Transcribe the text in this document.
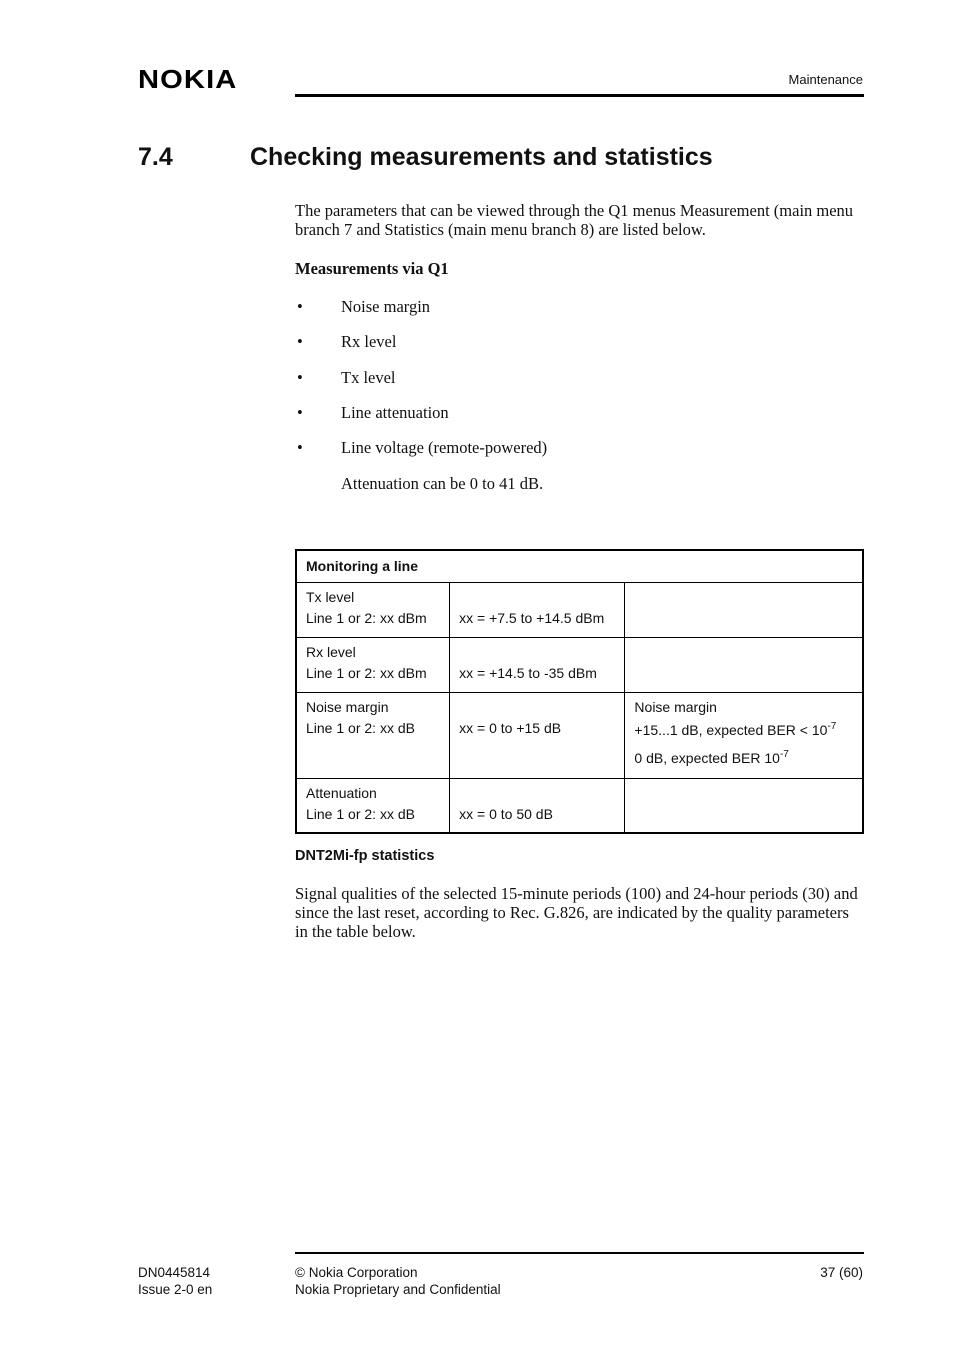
NOKIA	Maintenance
7.4	Checking measurements and statistics
The parameters that can be viewed through the Q1 menus Measurement (main menu branch 7 and Statistics (main menu branch 8) are listed below.
Measurements via Q1
• Noise margin
• Rx level
• Tx level
• Line attenuation
• Line voltage (remote-powered)
Attenuation can be 0 to 41 dB.
Monitoring a line		

Tx level
Line 1 or 2: xx dBm	xx = +7.5 to +14.5 dBm	

Rx level
Line 1 or 2: xx dBm	xx = +14.5 to -35 dBm	

Noise margin
Line 1 or 2: xx dB	xx = 0 to +15 dB	Noise margin
+15...1 dB, expected BER < $10^{-7}$
0 dB, expected BER $10^{-7}$

Attenuation
Line 1 or 2: xx dB	xx = 0 to 50 dB	

DNT2Mi-fp statistics
Signal qualities of the selected 15-minute periods (100) and 24-hour periods (30) and since the last reset, according to Rec. G.826, are indicated by the quality parameters in the table below.
DN0445814
Issue 2-0 en
© Nokia Corporation
Nokia Proprietary and Confidential
37 (60)
